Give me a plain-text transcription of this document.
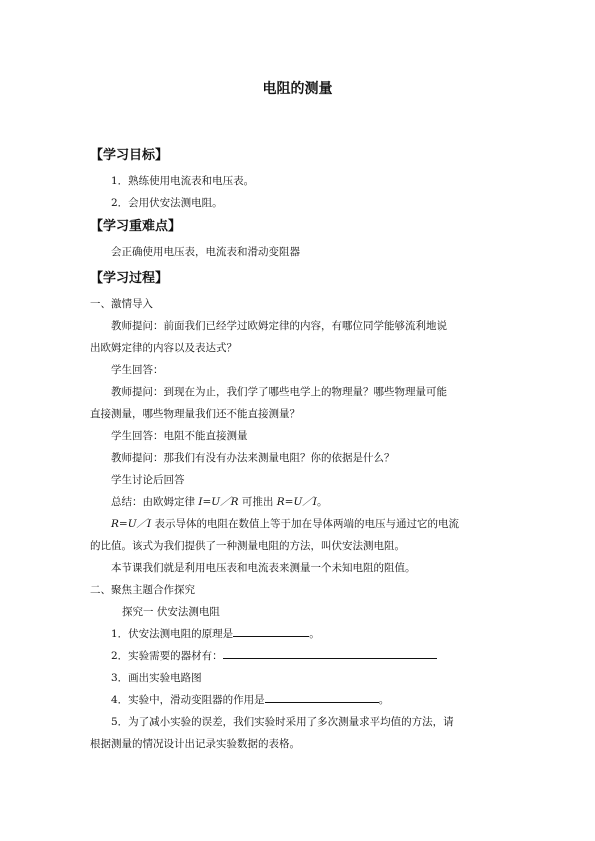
电阻的测量
【学习目标】

1．熟练使用电流表和电压表。

2．会用伏安法测电阻。

【学习重难点】

会正确使用电压表，电流表和滑动变阻器

【学习过程】

一、激情导入

教师提问：前面我们已经学过欧姆定律的内容，有哪位同学能够流利地说

出欧姆定律的内容以及表达式？

学生回答：

教师提问：到现在为止，我们学了哪些电学上的物理量？哪些物理量可能

直接测量，哪些物理量我们还不能直接测量？

学生回答：电阻不能直接测量

教师提问：那我们有没有办法来测量电阻？你的依据是什么？

学生讨论后回答

总结：由欧姆定律 I=U／R 可推出 R=U／I。

R=U／I 表示导体的电阻在数值上等于加在导体两端的电压与通过它的电流

的比值。该式为我们提供了一种测量电阻的方法，叫伏安法测电阻。

本节课我们就是利用电压表和电流表来测量一个未知电阻的阻值。

二、聚焦主题合作探究

探究一 伏安法测电阻

1．伏安法测电阻的原理是	。

2．实验需要的器材有：

3．画出实验电路图

4．实验中，滑动变阻器的作用是	。

5．为了减小实验的误差，我们实验时采用了多次测量求平均值的方法，请

根据测量的情况设计出记录实验数据的表格。
